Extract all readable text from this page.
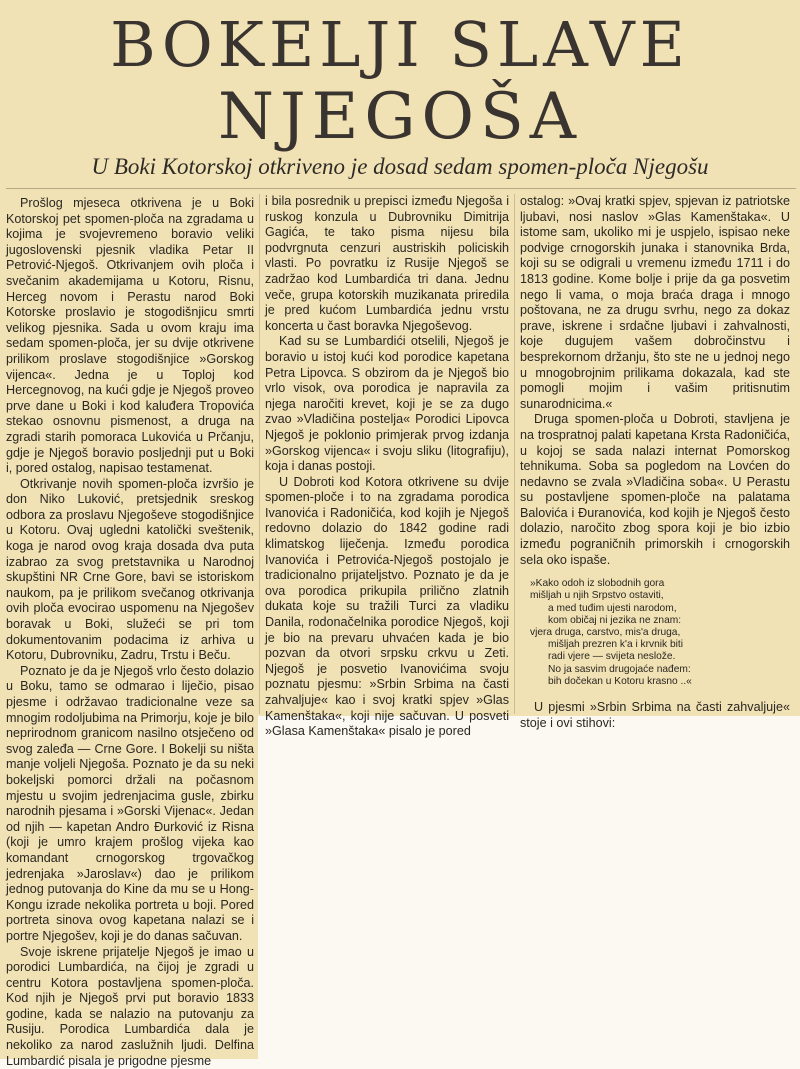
BOKELJI SLAVE
NJEGOŠA
U Boki Kotorskoj otkriveno je dosad sedam spomen-ploča Njegošu

Prošlog mjeseca otkrivena je u Boki Kotorskoj pet spomen-ploča na zgradama u kojima je svojevremeno boravio veliki jugoslovenski pjesnik vladika Petar II Petrović-Njegoš. Otkrivanjem ovih ploča i svečanim akademijama u Kotoru, Risnu, Herceg novom i Perastu narod Boki Kotorske proslavio je stogodišnjicu smrti velikog pjesnika. Sada u ovom kraju ima sedam spomen-ploča, jer su dvije otkrivene prilikom proslave stogodišnjice »Gorskog vijenca«. Jedna je u Toploj kod Hercegnovog, na kući gdje je Njegoš proveo prve dane u Boki i kod kaluđera Tropovića stekao osnovnu pismenost, a druga na zgradi starih pomoraca Lukovića u Prčanju, gdje je Njegoš boravio posljednji put u Boki i, pored ostalog, napisao testamenat.

Otkrivanje novih spomen-ploča izvršio je don Niko Luković, pretsjednik sreskog odbora za proslavu Njegoševe stogodišnjice u Kotoru. Ovaj ugledni katolički sveštenik, koga je narod ovog kraja dosada dva puta izabrao za svog pretstavnika u Narodnoj skupštini NR Crne Gore, bavi se istoriskom naukom, pa je prilikom svečanog otkrivanja ovih ploča evocirao uspomenu na Njegošev boravak u Boki, služeći se pri tom dokumentovanim podacima iz arhiva u Kotoru, Dubrovniku, Zadru, Trstu i Beču.

Poznato je da je Njegoš vrlo često dolazio u Boku, tamo se odmarao i liječio, pisao pjesme i održavao tradicionalne veze sa mnogim rodoljubima na Primorju, koje je bilo neprirodnom granicom nasilno otsječeno od svog zaleđa — Crne Gore. I Bokelji su ništa manje voljeli Njegoša. Poznato je da su neki bokeljski pomorci držali na počasnom mjestu u svojim jedrenjacima gusle, zbirku narodnih pjesama i »Gorski Vijenac«. Jedan od njih — kapetan Andro Đurković iz Risna (koji je umro krajem prošlog vijeka kao komandant crnogorskog trgovačkog jedrenjaka »Jaroslav«) dao je prilikom jednog putovanja do Kine da mu se u Hong-Kongu izrade nekolika portreta u boji. Pored portreta sinova ovog kapetana nalazi se i portre Njegošev, koji je do danas sačuvan.

Svoje iskrene prijatelje Njegoš je imao u porodici Lumbardića, na čijoj je zgradi u centru Kotora postavljena spomen-ploča. Kod njih je Njegoš prvi put boravio 1833 godine, kada se nalazio na putovanju za Rusiju. Porodica Lumbardića dala je nekoliko za narod zaslužnih ljudi. Delfina Lumbardić pisala je prigodne pjesme

i bila posrednik u prepisci između Njegoša i ruskog konzula u Dubrovniku Dimitrija Gagića, te tako pisma nijesu bila podvrgnuta cenzuri austriskih policiskih vlasti. Po povratku iz Rusije Njegoš se zadržao kod Lumbardića tri dana. Jednu veče, grupa kotorskih muzikanata priredila je pred kućom Lumbardića jednu vrstu koncerta u čast boravka Njegoševog.

Kad su se Lumbardići otselili, Njegoš je boravio u istoj kući kod porodice kapetana Petra Lipovca. S obzirom da je Njegoš bio vrlo visok, ova porodica je napravila za njega naročiti krevet, koji je se za dugo zvao »Vladičina postelja« Porodici Lipovca Njegoš je poklonio primjerak prvog izdanja »Gorskog vijenca« i svoju sliku (litografiju), koja i danas postoji.

U Dobroti kod Kotora otkrivene su dvije spomen-ploče i to na zgradama porodica Ivanovića i Radoničića, kod kojih je Njegoš redovno dolazio do 1842 godine radi klimatskog liječenja. Između porodica Ivanovića i Petrovića-Njegoš postojalo je tradicionalno prijateljstvo. Poznato je da je ova porodica prikupila prilično zlatnih dukata koje su tražili Turci za vladiku Danila, rodonačelnika porodice Njegoš, koji je bio na prevaru uhvaćen kada je bio pozvan da otvori srpsku crkvu u Zeti. Njegoš je posvetio Ivanovićima svoju poznatu pjesmu: »Srbin Srbima na časti zahvaljuje« kao i svoj kratki spjev »Glas Kamenštaka«, koji nije sačuvan. U posveti »Glasa Kamenštaka« pisalo je pored

ostalog: »Ovaj kratki spjev, spjevan iz patriotske ljubavi, nosi naslov »Glas Kamenštaka«. U istome sam, ukoliko mi je uspjelo, ispisao neke podvige crnogorskih junaka i stanovnika Brda, koji su se odigrali u vremenu između 1711 i do 1813 godine. Kome bolje i prije da ga posvetim nego li vama, o moja braća draga i mnogo poštovana, ne za drugu svrhu, nego za dokaz prave, iskrene i srdačne ljubavi i zahvalnosti, koje dugujem vašem dobročinstvu i besprekornom držanju, što ste ne u jednoj nego u mnogobrojnim prilikama dokazala, kad ste pomogli mojim i vašim pritisnutim sunarodnicima.«

Druga spomen-ploča u Dobroti, stavljena je na trospratnoj palati kapetana Krsta Radoničića, u kojoj se sada nalazi internat Pomorskog tehnikuma. Soba sa pogledom na Lovćen do nedavno se zvala »Vladičina soba«. U Perastu su postavljene spomen-ploče na palatama Balovića i Đuranovića, kod kojih je Njegoš često dolazio, naročito zbog spora koji je bio izbio između pograničnih primorskih i crnogorskih sela oko ispaše.

»Kako odoh iz slobodnih gora
mišljah u njih Srpstvo ostaviti,
a med tuđim ujesti narodom,
kom običaj ni jezika ne znam:
vjera druga, carstvo, mis'a druga,
mišljah prezren k'a i krvnik biti
radi vjere — svijeta neslože.
No ja sasvim drugojaće nađem:
bih dočekan u Kotoru krasno ..«

U pjesmi »Srbin Srbima na časti zahvaljuje« stoje i ovi stihovi:
